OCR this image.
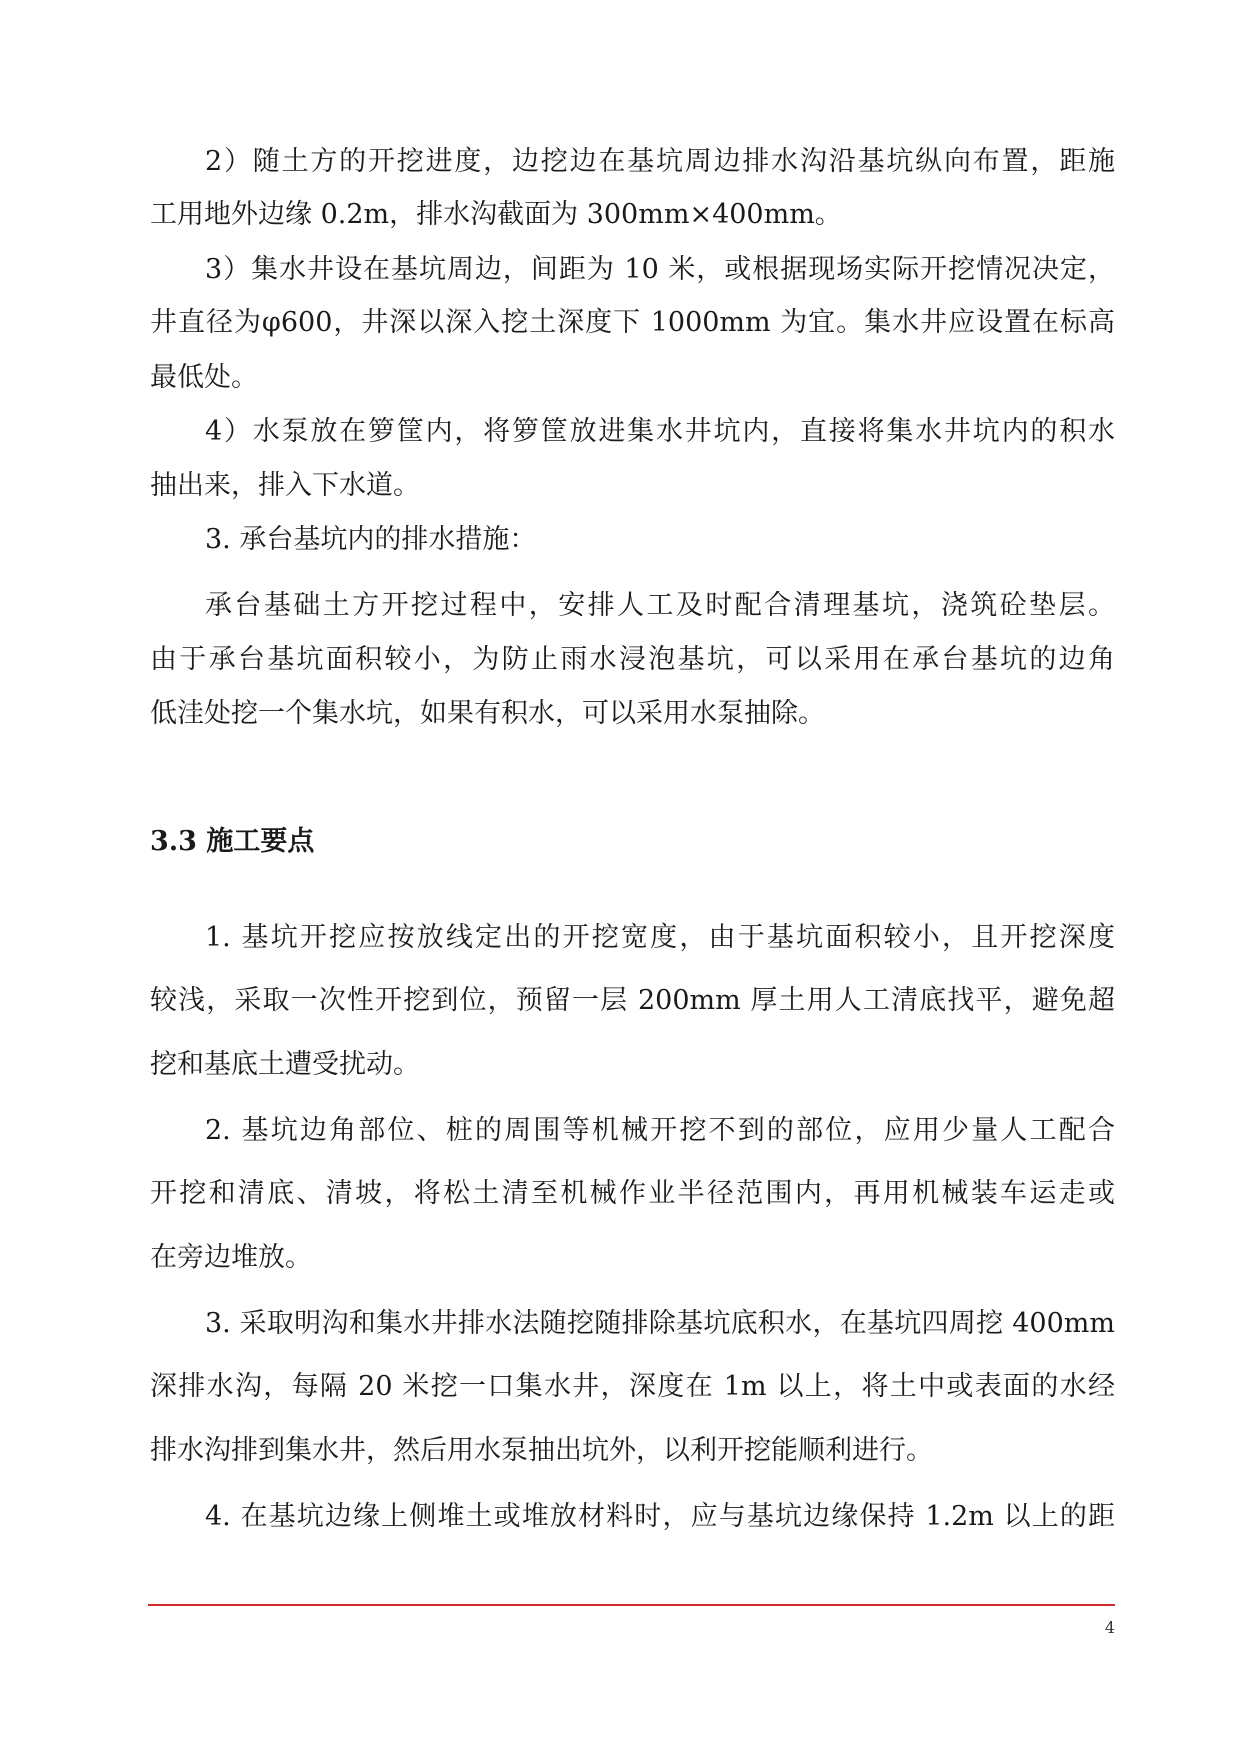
2）随土方的开挖进度，边挖边在基坑周边排水沟沿基坑纵向布置，距施
工用地外边缘 0.2m，排水沟截面为 300mm×400mm。
3）集水井设在基坑周边，间距为 10 米，或根据现场实际开挖情况决定，
井直径为φ600，井深以深入挖土深度下 1000mm 为宜。集水井应设置在标高
最低处。
4）水泵放在箩筐内，将箩筐放进集水井坑内，直接将集水井坑内的积水
抽出来，排入下水道。
3. 承台基坑内的排水措施：
承台基础土方开挖过程中，安排人工及时配合清理基坑，浇筑砼垫层。
由于承台基坑面积较小，为防止雨水浸泡基坑，可以采用在承台基坑的边角
低洼处挖一个集水坑，如果有积水，可以采用水泵抽除。
3.3 施工要点
1. 基坑开挖应按放线定出的开挖宽度，由于基坑面积较小，且开挖深度
较浅，采取一次性开挖到位，预留一层 200mm 厚土用人工清底找平，避免超
挖和基底土遭受扰动。
2. 基坑边角部位、桩的周围等机械开挖不到的部位，应用少量人工配合
开挖和清底、清坡，将松土清至机械作业半径范围内，再用机械装车运走或
在旁边堆放。
3. 采取明沟和集水井排水法随挖随排除基坑底积水，在基坑四周挖 400mm
深排水沟，每隔 20 米挖一口集水井，深度在 1m 以上，将土中或表面的水经
排水沟排到集水井，然后用水泵抽出坑外，以利开挖能顺利进行。
4. 在基坑边缘上侧堆土或堆放材料时，应与基坑边缘保持 1.2m 以上的距
4
